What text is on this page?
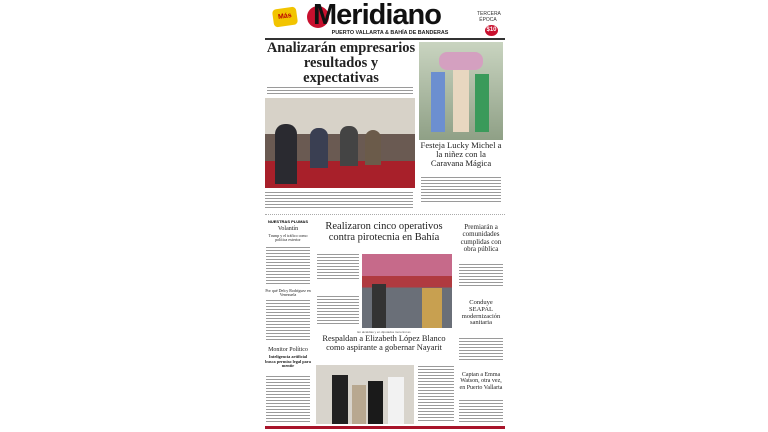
Más Meridiano
PUERTO VALLARTA & BAHÍA DE BANDERAS
TERCERA ÉPOCA
$10
Analizarán empresarios resultados y expectativas
Festeja Lucky Michel a la niñez con la Caravana Mágica
NUESTRAS PLUMAS
Volantín
Trump y el tráfico como política exterior
Por qué Delcy Rodríguez en Venezuela
Monitor Político
Inteligencia artificial busca permiso legal para mentir
Realizaron cinco operativos contra pirotecnia en Bahía
En alcaldías y en diputados moreníst as
Respaldan a Elizabeth López Blanco como aspirante a gobernar Nayarit
Premiarán a comunidades cumplidas con obra pública
Conduye SEAPAL modernización sanitaria
Captan a Emma Watson, otra vez, en Puerto Vallarta
